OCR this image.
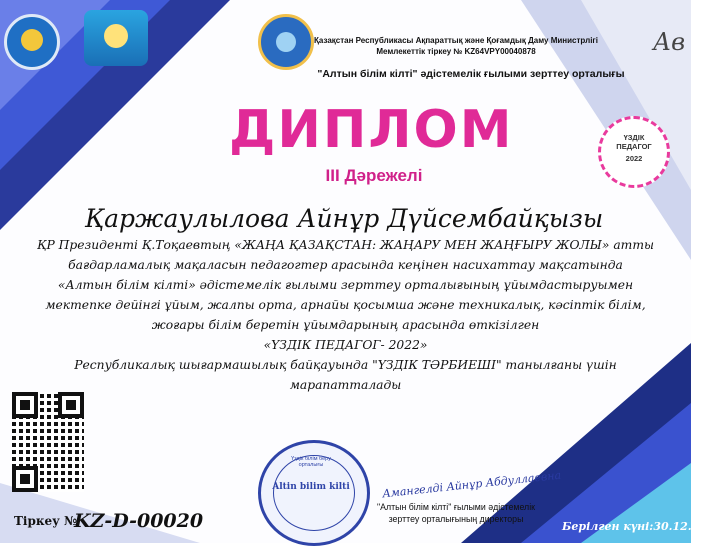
Қазақстан Республикасы Ақпараттық және Қоғамдық Даму Министрлігі
Мемлекеттік тіркеу № KZ64VPY00040878
"Алтын білім кілті" әдістемелік ғылыми зерттеу орталығы
Ав
ДИПЛОМ
ІІІ Дәрежелі
ҮЗДІК
ПЕДАГОГ
2022
Қаржаулылова Айнұр Дүйсембайқызы
ҚР Президенті Қ.Тоқаевтың «ЖАҢА ҚАЗАҚСТАН: ЖАҢАРУ МЕН ЖАҢҒЫРУ ЖОЛЫ» атты
бағдарламалық мақаласын педагогтер арасында кеңінен насихаттау мақсатында
«Алтын білім кілті» әдістемелік ғылыми зерттеу орталығының ұйымдастыруымен
мектепке дейінгі ұйым, жалпы орта, арнайы қосымша және техникалық, кәсіптік білім,
жоғары білім беретін ұйымдарының арасында өткізілген
«ҮЗДІК ПЕДАГОГ- 2022»
Республикалық шығармашылық байқауында "ҮЗДІК ТӘРБИЕШІ" танылғаны үшін
марапатталады
Тіркеу №
KZ-D-00020
Үздік білім беру орталығы
Altin bilim kilti	Амангелді Айнұр Абдуллаевна
"Алтын білім кілті" ғылыми әдістемелік
зерттеу орталығының директоры
Берілген күні:30.12.2022
